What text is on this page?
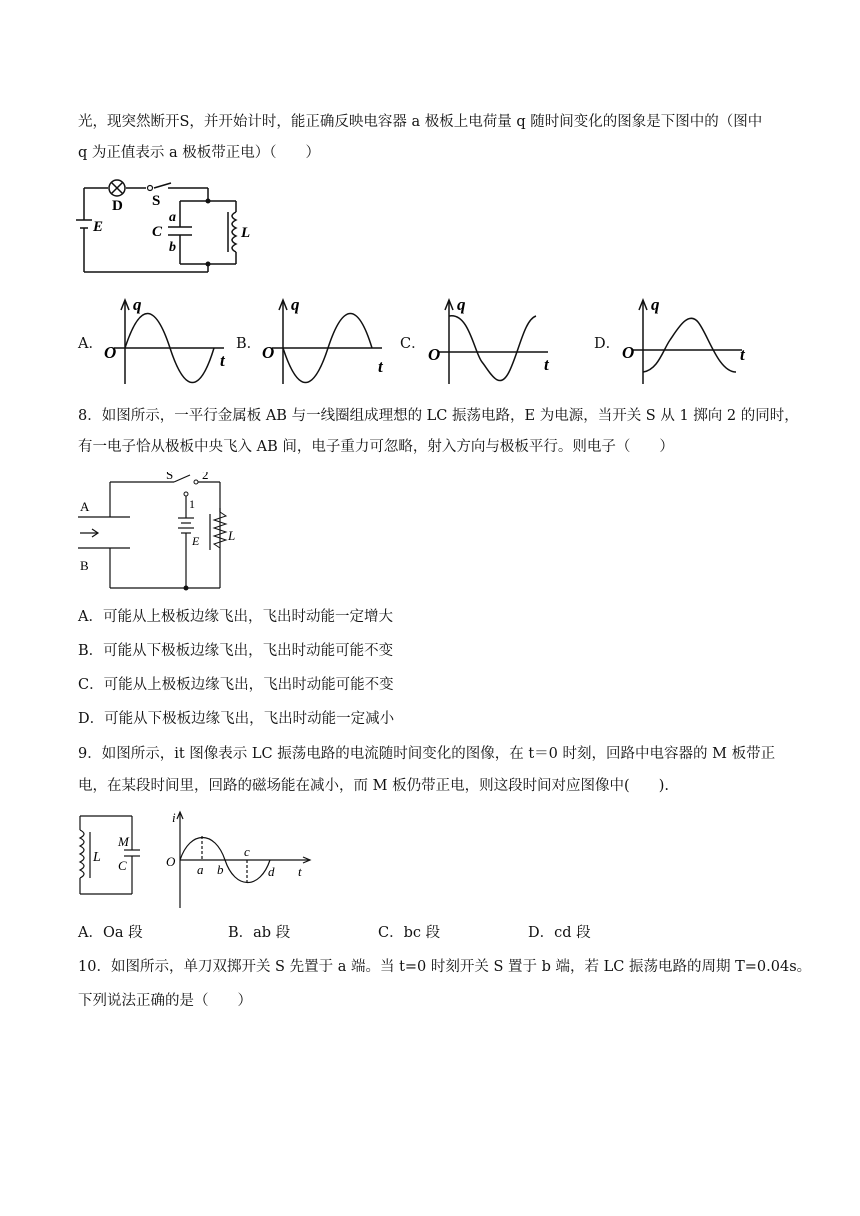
光，现突然断开S，并开始计时，能正确反映电容器 a 极板上电荷量 q 随时间变化的图象是下图中的（图中
q 为正值表示 a 极板带正电）（　　）
D S
E	C
a
b
L
A．
q
t
O	B．
q
t
O	C．
q
t
O
D．
q
t
O
8．如图所示，一平行金属板 AB 与一线圈组成理想的 LC 振荡电路，E 为电源，当开关 S 从 1 掷向 2 的同时，
有一电子恰从极板中央飞入 AB 间，电子重力可忽略，射入方向与极板平行。则电子（　　）
A
B
S 2
1
E L
A．可能从上极板边缘飞出，飞出时动能一定增大
B．可能从下极板边缘飞出，飞出时动能可能不变
C．可能从上极板边缘飞出，飞出时动能可能不变
D．可能从下极板边缘飞出，飞出时动能一定减小
9．如图所示，it 图像表示 LC 振荡电路的电流随时间变化的图像，在 t＝0 时刻，回路中电容器的 M 板带正
电，在某段时间里，回路的磁场能在减小，而 M 板仍带正电，则这段时间对应图像中(　　).
L
M
C
i
O
t
a b
c
d
A．Oa 段	B．ab 段	C．bc 段	D．cd 段
10．如图所示，单刀双掷开关 S 先置于 a 端。当 t=0 时刻开关 S 置于 b 端，若 LC 振荡电路的周期 T=0.04s。
下列说法正确的是（　　）
